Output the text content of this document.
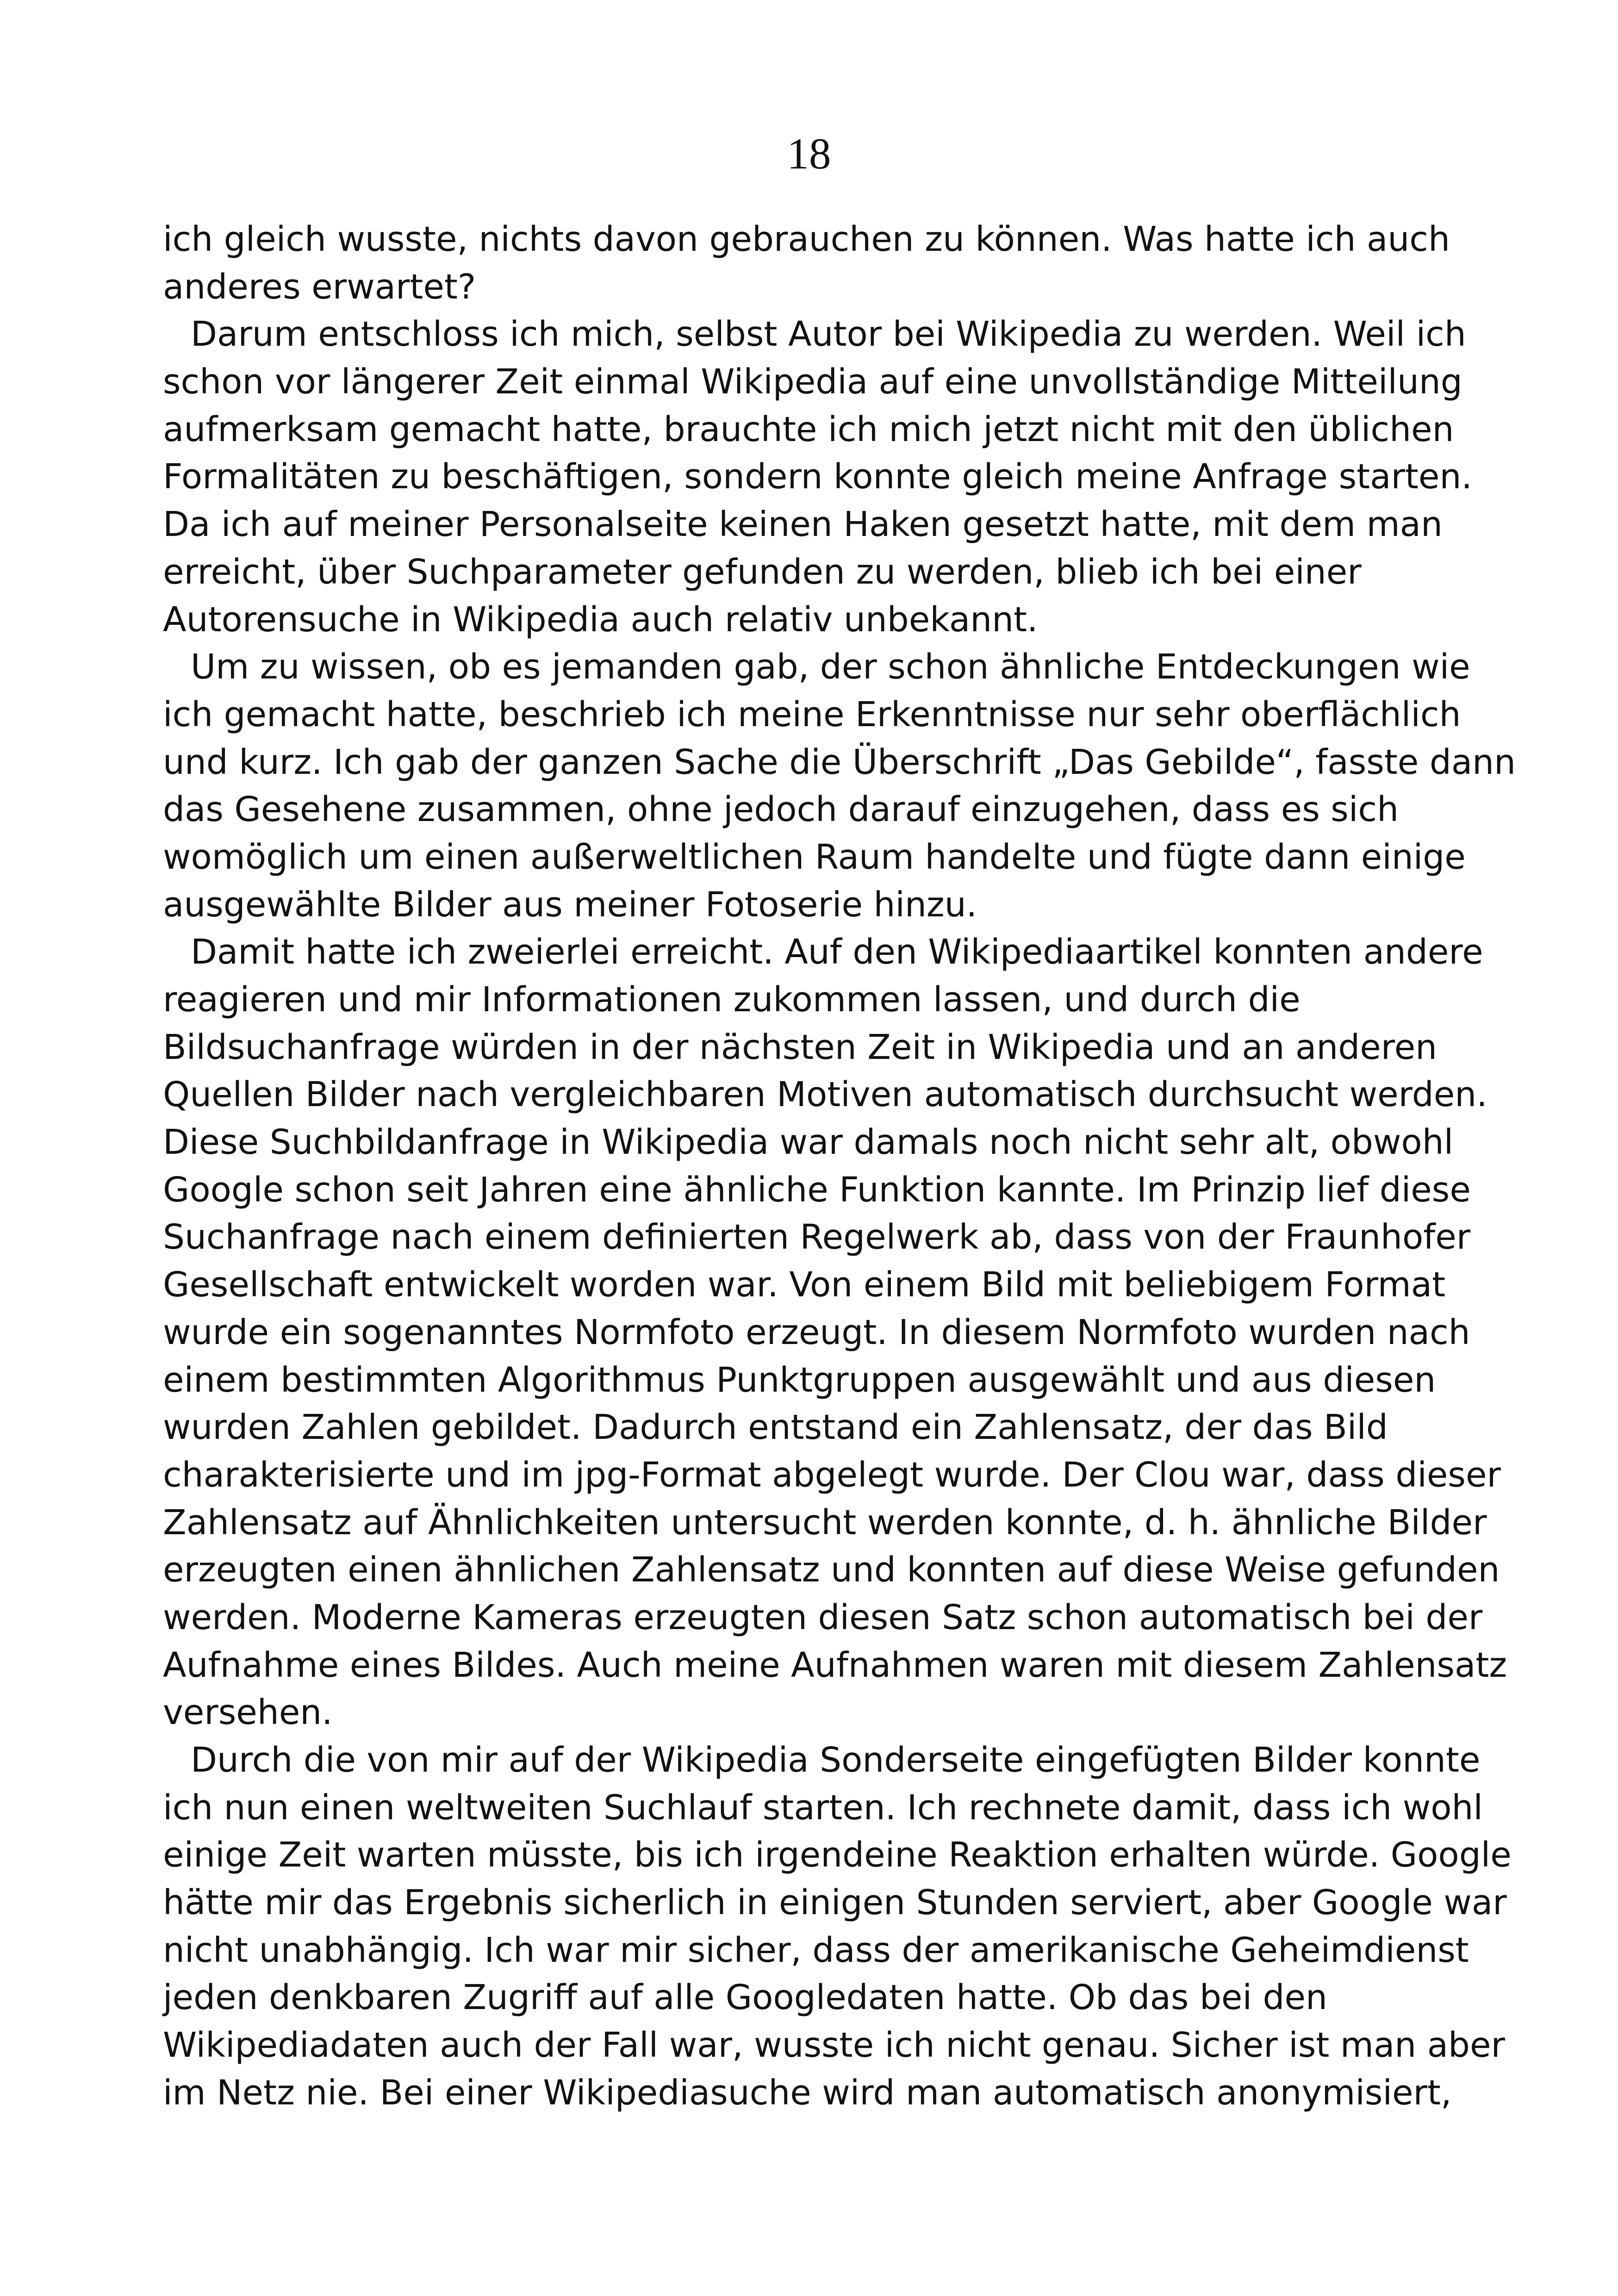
18
ich gleich wusste, nichts davon gebrauchen zu können. Was hatte ich auch
anderes erwartet?
Darum entschloss ich mich, selbst Autor bei Wikipedia zu werden. Weil ich
schon vor längerer Zeit einmal Wikipedia auf eine unvollständige Mitteilung
aufmerksam gemacht hatte, brauchte ich mich jetzt nicht mit den üblichen
Formalitäten zu beschäftigen, sondern konnte gleich meine Anfrage starten.
Da ich auf meiner Personalseite keinen Haken gesetzt hatte, mit dem man
erreicht, über Suchparameter gefunden zu werden, blieb ich bei einer
Autorensuche in Wikipedia auch relativ unbekannt.
Um zu wissen, ob es jemanden gab, der schon ähnliche Entdeckungen wie
ich gemacht hatte, beschrieb ich meine Erkenntnisse nur sehr oberflächlich
und kurz. Ich gab der ganzen Sache die Überschrift „Das Gebilde“, fasste dann
das Gesehene zusammen, ohne jedoch darauf einzugehen, dass es sich
womöglich um einen außerweltlichen Raum handelte und fügte dann einige
ausgewählte Bilder aus meiner Fotoserie hinzu.
Damit hatte ich zweierlei erreicht. Auf den Wikipediaartikel konnten andere
reagieren und mir Informationen zukommen lassen, und durch die
Bildsuchanfrage würden in der nächsten Zeit in Wikipedia und an anderen
Quellen Bilder nach vergleichbaren Motiven automatisch durchsucht werden.
Diese Suchbildanfrage in Wikipedia war damals noch nicht sehr alt, obwohl
Google schon seit Jahren eine ähnliche Funktion kannte. Im Prinzip lief diese
Suchanfrage nach einem definierten Regelwerk ab, dass von der Fraunhofer
Gesellschaft entwickelt worden war. Von einem Bild mit beliebigem Format
wurde ein sogenanntes Normfoto erzeugt. In diesem Normfoto wurden nach
einem bestimmten Algorithmus Punktgruppen ausgewählt und aus diesen
wurden Zahlen gebildet. Dadurch entstand ein Zahlensatz, der das Bild
charakterisierte und im jpg-Format abgelegt wurde. Der Clou war, dass dieser
Zahlensatz auf Ähnlichkeiten untersucht werden konnte, d. h. ähnliche Bilder
erzeugten einen ähnlichen Zahlensatz und konnten auf diese Weise gefunden
werden. Moderne Kameras erzeugten diesen Satz schon automatisch bei der
Aufnahme eines Bildes. Auch meine Aufnahmen waren mit diesem Zahlensatz
versehen.
Durch die von mir auf der Wikipedia Sonderseite eingefügten Bilder konnte
ich nun einen weltweiten Suchlauf starten. Ich rechnete damit, dass ich wohl
einige Zeit warten müsste, bis ich irgendeine Reaktion erhalten würde. Google
hätte mir das Ergebnis sicherlich in einigen Stunden serviert, aber Google war
nicht unabhängig. Ich war mir sicher, dass der amerikanische Geheimdienst
jeden denkbaren Zugriff auf alle Googledaten hatte. Ob das bei den
Wikipediadaten auch der Fall war, wusste ich nicht genau. Sicher ist man aber
im Netz nie. Bei einer Wikipediasuche wird man automatisch anonymisiert,
